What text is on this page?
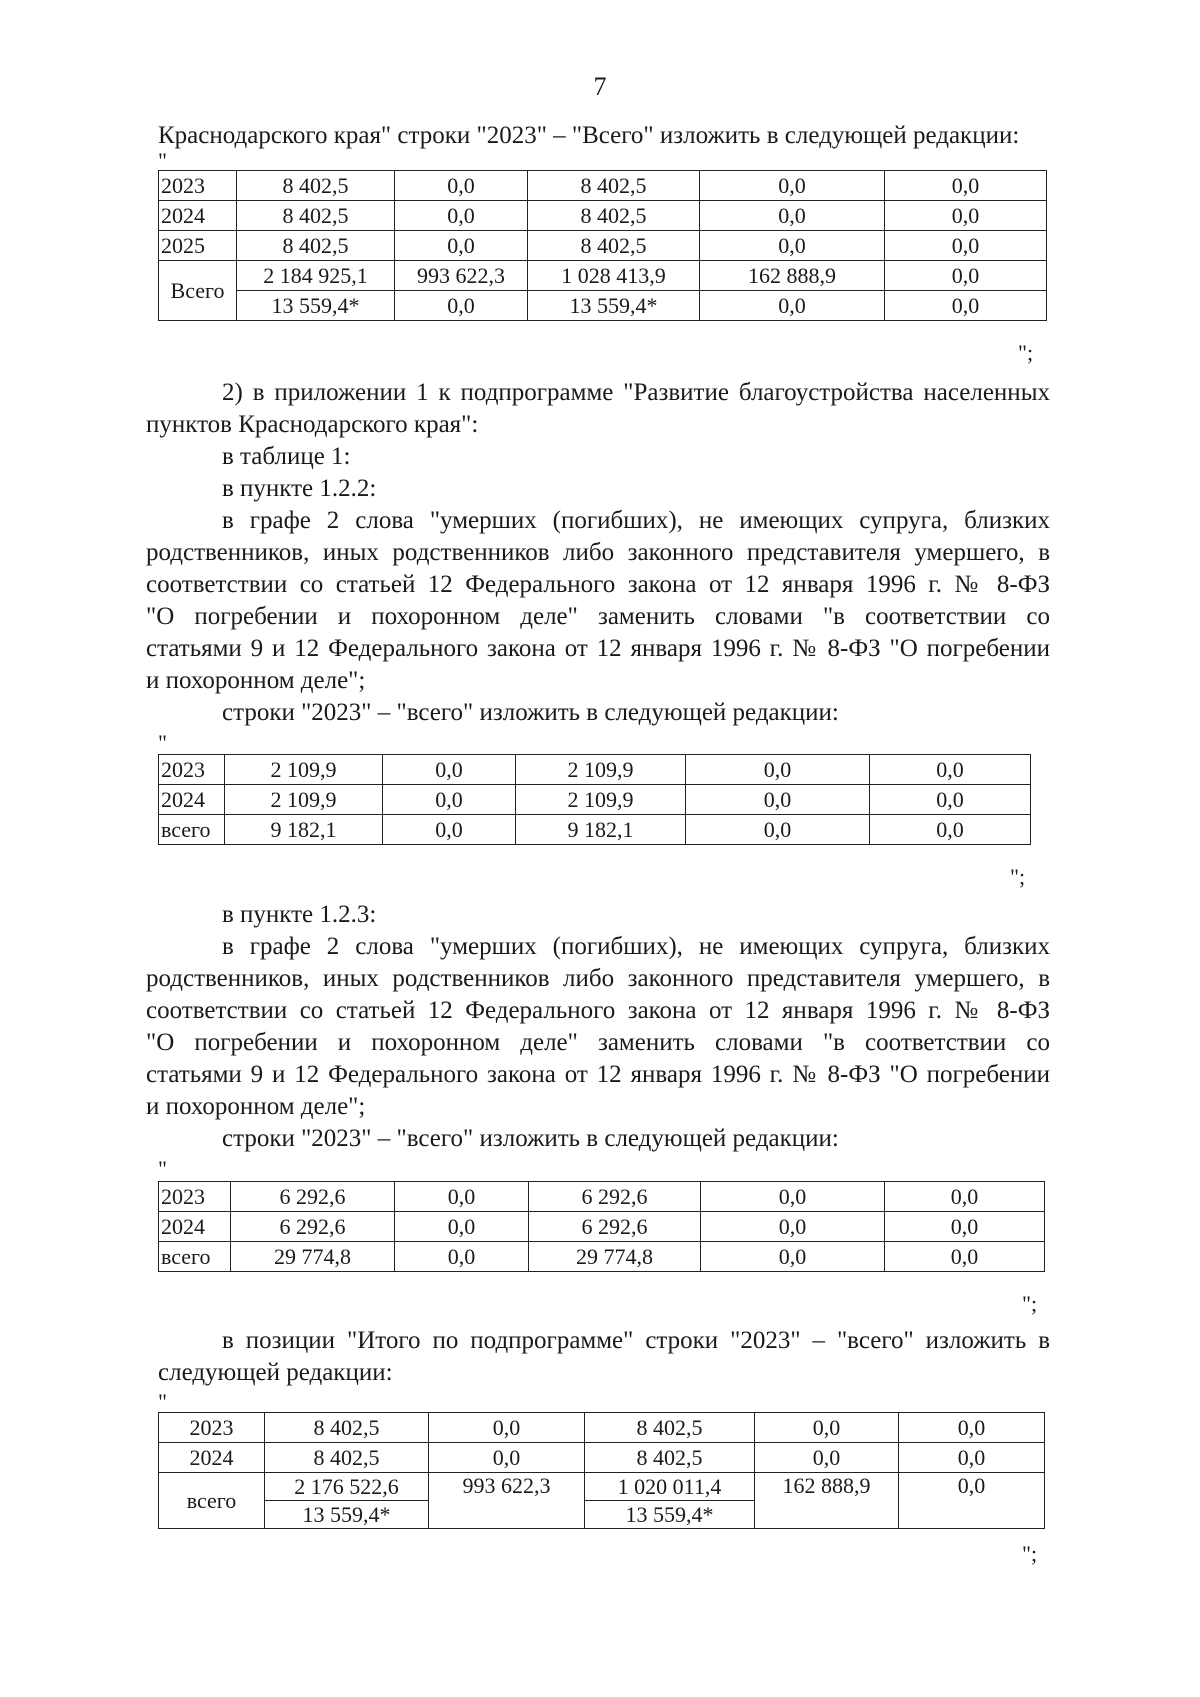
7
Краснодарского края" строки "2023" – "Всего" изложить в следующей редакции:
"
2023	8 402,5	0,0	8 402,5	0,0	0,0
2024	8 402,5	0,0	8 402,5	0,0	0,0
2025	8 402,5	0,0	8 402,5	0,0	0,0
Всего	2 184 925,1	993 622,3	1 028 413,9	162 888,9	0,0
	13 559,4*	0,0	13 559,4*	0,0	0,0
";
2) в приложении 1 к подпрограмме "Развитие благоустройства населенных
пунктов Краснодарского края":
в таблице 1:
в пункте 1.2.2:
в графе 2 слова "умерших (погибших), не имеющих супруга, близких
родственников, иных родственников либо законного представителя умершего, в
соответствии со статьей 12 Федерального закона от 12 января 1996 г. № 8-ФЗ
"О погребении и похоронном деле" заменить словами "в соответствии со
статьями 9 и 12 Федерального закона от 12 января 1996 г. № 8-ФЗ "О погребении
и похоронном деле";
строки "2023" – "всего" изложить в следующей редакции:
"
2023	2 109,9	0,0	2 109,9	0,0	0,0
2024	2 109,9	0,0	2 109,9	0,0	0,0
всего	9 182,1	0,0	9 182,1	0,0	0,0
";
в пункте 1.2.3:
в графе 2 слова "умерших (погибших), не имеющих супруга, близких
родственников, иных родственников либо законного представителя умершего, в
соответствии со статьей 12 Федерального закона от 12 января 1996 г. № 8-ФЗ
"О погребении и похоронном деле" заменить словами "в соответствии со
статьями 9 и 12 Федерального закона от 12 января 1996 г. № 8-ФЗ "О погребении
и похоронном деле";
строки "2023" – "всего" изложить в следующей редакции:
"
2023	6 292,6	0,0	6 292,6	0,0	0,0
2024	6 292,6	0,0	6 292,6	0,0	0,0
всего	29 774,8	0,0	29 774,8	0,0	0,0
";
в позиции "Итого по подпрограмме" строки "2023" – "всего" изложить в
следующей редакции:
"
2023	8 402,5	0,0	8 402,5	0,0	0,0
2024	8 402,5	0,0	8 402,5	0,0	0,0
всего	2 176 522,6	993 622,3	1 020 011,4	162 888,9	0,0
	13 559,4*		13 559,4*		
";
